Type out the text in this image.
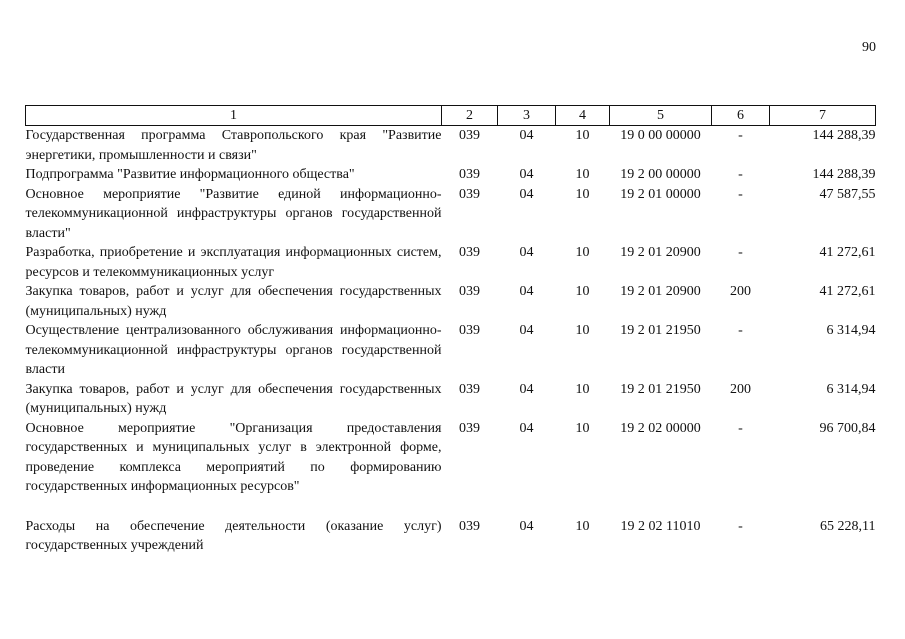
90
1	2	3	4	5	6	7
Государственная программа Ставропольского края "Развитие энергетики, промышленности и связи"	039	04	10	19 0 00 00000	-	144 288,39
Подпрограмма "Развитие информационного общества"	039	04	10	19 2 00 00000	-	144 288,39
Основное мероприятие "Развитие единой информационно-телекоммуникационной инфраструктуры органов государственной власти"	039	04	10	19 2 01 00000	-	47 587,55
Разработка, приобретение и эксплуатация информационных систем, ресурсов и телекоммуникационных услуг	039	04	10	19 2 01 20900	-	41 272,61
Закупка товаров, работ и услуг для обеспечения государственных (муниципальных) нужд	039	04	10	19 2 01 20900	200	41 272,61
Осуществление централизованного обслуживания информационно-телекоммуникационной инфраструктуры органов государственной власти	039	04	10	19 2 01 21950	-	6 314,94
Закупка товаров, работ и услуг для обеспечения государственных (муниципальных) нужд	039	04	10	19 2 01 21950	200	6 314,94
Основное мероприятие "Организация предоставления государственных и муниципальных услуг в электронной форме, проведение комплекса мероприятий по формированию государственных информационных ресурсов"	039	04	10	19 2 02 00000	-	96 700,84
Расходы на обеспечение деятельности (оказание услуг) государственных учреждений	039	04	10	19 2 02 11010	-	65 228,11
